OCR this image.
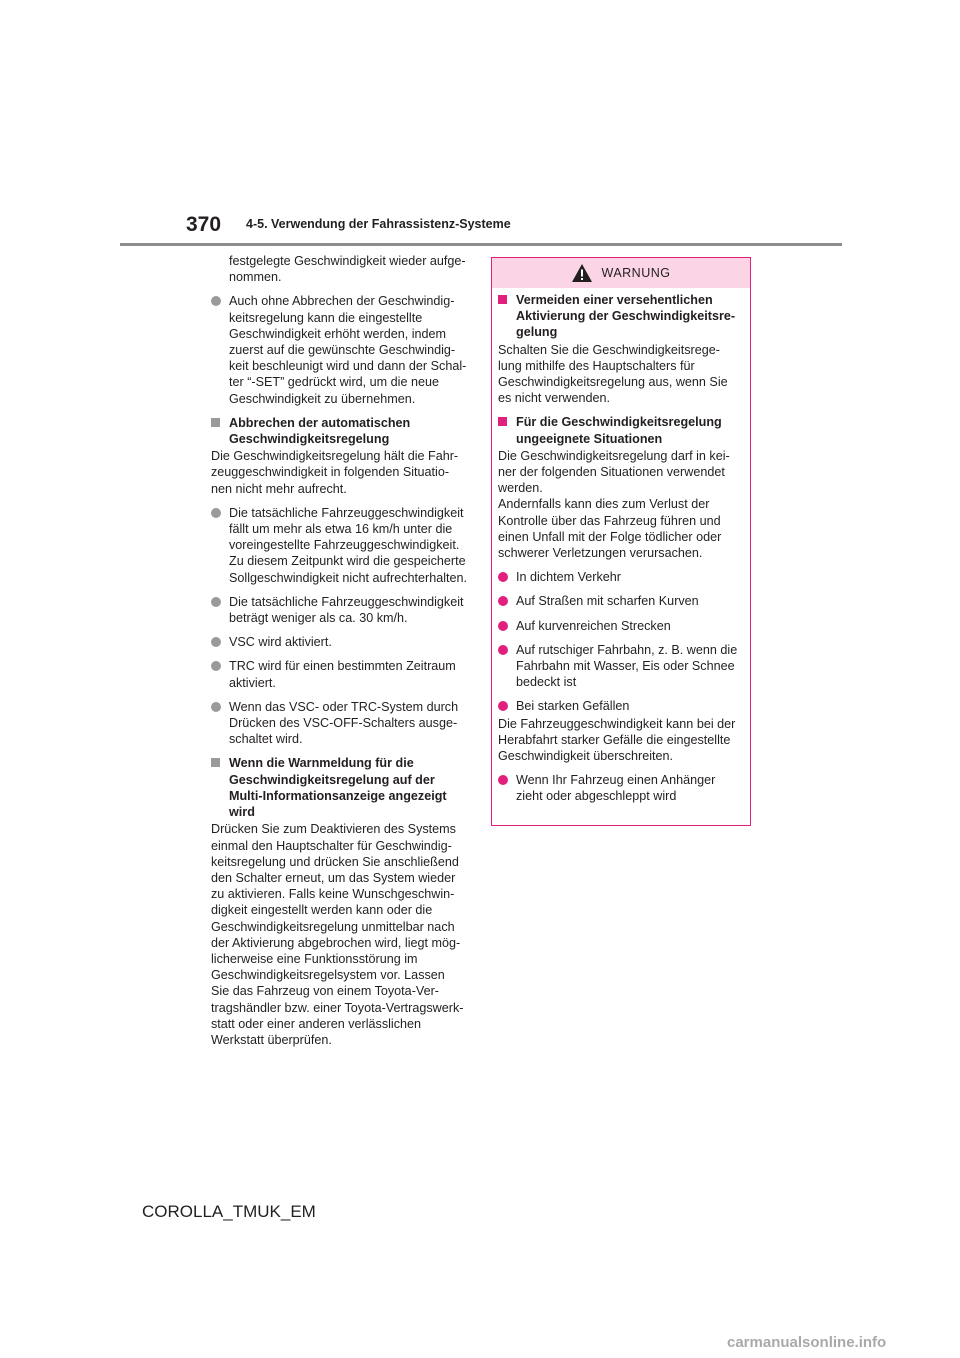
370 4-5. Verwendung der Fahrassistenz-Systeme
festgelegte Geschwindigkeit wieder aufge-
nommen.
Auch ohne Abbrechen der Geschwindig-
keitsregelung kann die eingestellte
Geschwindigkeit erhöht werden, indem
zuerst auf die gewünschte Geschwindig-
keit beschleunigt wird und dann der Schal-
ter “-SET” gedrückt wird, um die neue
Geschwindigkeit zu übernehmen.
Abbrechen der automatischen
Geschwindigkeitsregelung
Die Geschwindigkeitsregelung hält die Fahr-
zeuggeschwindigkeit in folgenden Situatio-
nen nicht mehr aufrecht.
Die tatsächliche Fahrzeuggeschwindigkeit
fällt um mehr als etwa 16 km/h unter die
voreingestellte Fahrzeuggeschwindigkeit.
Zu diesem Zeitpunkt wird die gespeicherte
Sollgeschwindigkeit nicht aufrechterhalten.
Die tatsächliche Fahrzeuggeschwindigkeit
beträgt weniger als ca. 30 km/h.
VSC wird aktiviert.
TRC wird für einen bestimmten Zeitraum
aktiviert.
Wenn das VSC- oder TRC-System durch
Drücken des VSC-OFF-Schalters ausge-
schaltet wird.
Wenn die Warnmeldung für die
Geschwindigkeitsregelung auf der
Multi-Informationsanzeige angezeigt
wird
Drücken Sie zum Deaktivieren des Systems
einmal den Hauptschalter für Geschwindig-
keitsregelung und drücken Sie anschließend
den Schalter erneut, um das System wieder
zu aktivieren. Falls keine Wunschgeschwin-
digkeit eingestellt werden kann oder die
Geschwindigkeitsregelung unmittelbar nach
der Aktivierung abgebrochen wird, liegt mög-
licherweise eine Funktionsstörung im
Geschwindigkeitsregelsystem vor. Lassen
Sie das Fahrzeug von einem Toyota-Ver-
tragshändler bzw. einer Toyota-Vertragswerk-
statt oder einer anderen verlässlichen
Werkstatt überprüfen.
WARNUNG
Vermeiden einer versehentlichen
Aktivierung der Geschwindigkeitsre-
gelung
Schalten Sie die Geschwindigkeitsrege-
lung mithilfe des Hauptschalters für
Geschwindigkeitsregelung aus, wenn Sie
es nicht verwenden.
Für die Geschwindigkeitsregelung
ungeeignete Situationen
Die Geschwindigkeitsregelung darf in kei-
ner der folgenden Situationen verwendet
werden.
Andernfalls kann dies zum Verlust der
Kontrolle über das Fahrzeug führen und
einen Unfall mit der Folge tödlicher oder
schwerer Verletzungen verursachen.
In dichtem Verkehr
Auf Straßen mit scharfen Kurven
Auf kurvenreichen Strecken
Auf rutschiger Fahrbahn, z. B. wenn die
Fahrbahn mit Wasser, Eis oder Schnee
bedeckt ist
Bei starken Gefällen
Die Fahrzeuggeschwindigkeit kann bei der
Herabfahrt starker Gefälle die eingestellte
Geschwindigkeit überschreiten.
Wenn Ihr Fahrzeug einen Anhänger
zieht oder abgeschleppt wird
COROLLA_TMUK_EM
carmanualsonline.info
